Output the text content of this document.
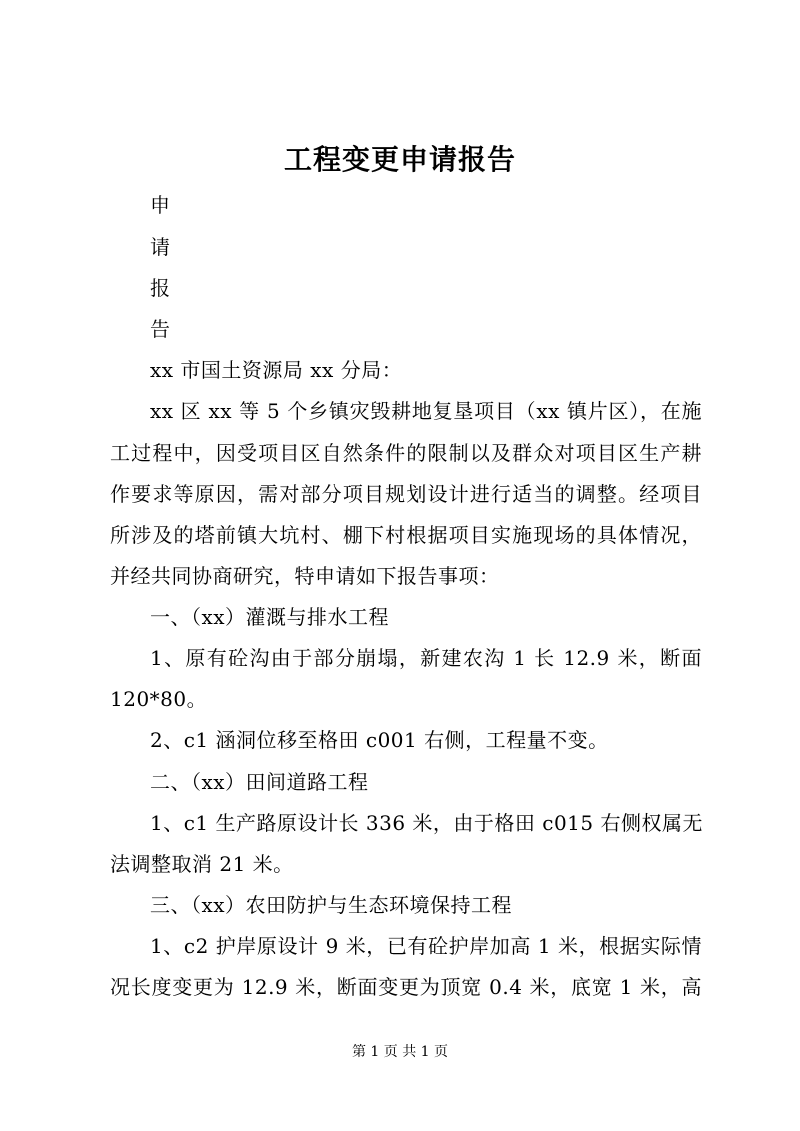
工程变更申请报告
申
请
报
告
xx 市国土资源局 xx 分局：
xx 区 xx 等 5 个乡镇灾毁耕地复垦项目（xx 镇片区），在施
工过程中，因受项目区自然条件的限制以及群众对项目区生产耕
作要求等原因，需对部分项目规划设计进行适当的调整。经项目
所涉及的塔前镇大坑村、棚下村根据项目实施现场的具体情况，
并经共同协商研究，特申请如下报告事项：
一、（xx）灌溉与排水工程
1、原有砼沟由于部分崩塌，新建农沟 1 长 12.9 米，断面
120*80。
2、c1 涵洞位移至格田 c001 右侧，工程量不变。
二、（xx）田间道路工程
1、c1 生产路原设计长 336 米，由于格田 c015 右侧权属无
法调整取消 21 米。
三、（xx）农田防护与生态环境保持工程
1、c2 护岸原设计 9 米，已有砼护岸加高 1 米，根据实际情
况长度变更为 12.9 米，断面变更为顶宽 0.4 米，底宽 1 米，高
第 1 页 共 1 页
